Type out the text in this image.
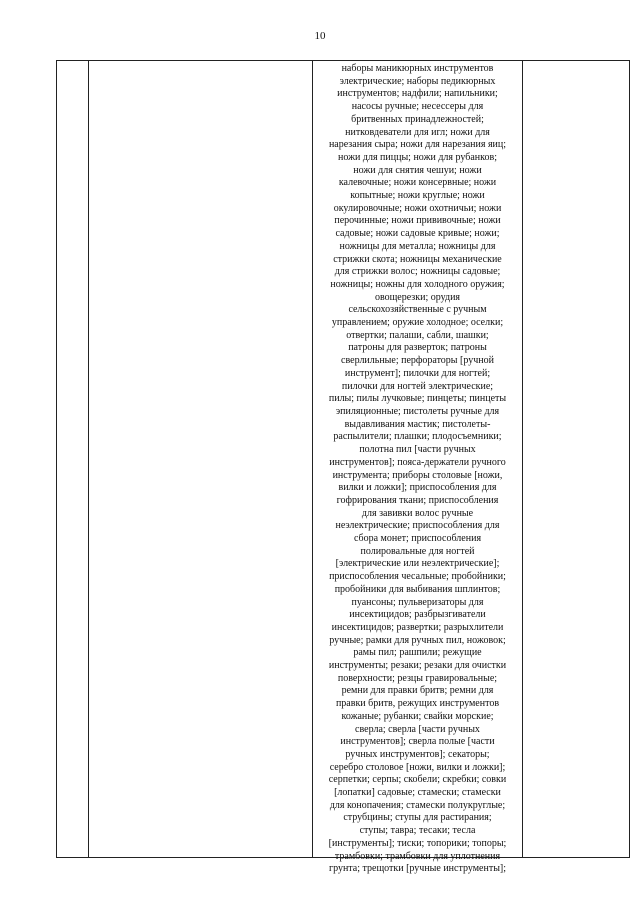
10
наборы маникюрных инструментов
электрические; наборы педикюрных
инструментов; надфили; напильники;
насосы ручные; несессеры для
бритвенных принадлежностей;
нитковдеватели для игл; ножи для
нарезания сыра; ножи для нарезания яиц;
ножи для пиццы; ножи для рубанков;
ножи для снятия чешуи; ножи
калевочные; ножи консервные; ножи
копытные; ножи круглые; ножи
окулировочные; ножи охотничьи; ножи
перочинные; ножи прививочные; ножи
садовые; ножи садовые кривые; ножи;
ножницы для металла; ножницы для
стрижки скота; ножницы механические
для стрижки волос; ножницы садовые;
ножницы; ножны для холодного оружия;
овощерезки; орудия
сельскохозяйственные с ручным
управлением; оружие холодное; оселки;
отвертки; палаши, сабли, шашки;
патроны для разверток; патроны
сверлильные; перфораторы [ручной
инструмент]; пилочки для ногтей;
пилочки для ногтей электрические;
пилы; пилы лучковые; пинцеты; пинцеты
эпиляционные; пистолеты ручные для
выдавливания мастик; пистолеты-
распылители; плашки; плодосъемники;
полотна пил [части ручных
инструментов]; пояса-держатели ручного
инструмента; приборы столовые [ножи,
вилки и ложки]; приспособления для
гофрирования ткани; приспособления
для завивки волос ручные
неэлектрические; приспособления для
сбора монет; приспособления
полировальные для ногтей
[электрические или неэлектрические];
приспособления чесальные; пробойники;
пробойники для выбивания шплинтов;
пуансоны; пульверизаторы для
инсектицидов; разбрызгиватели
инсектицидов; развертки; разрыхлители
ручные; рамки для ручных пил, ножовок;
рамы пил; рашпили; режущие
инструменты; резаки; резаки для очистки
поверхности; резцы гравировальные;
ремни для правки бритв; ремни для
правки бритв, режущих инструментов
кожаные; рубанки; свайки морские;
сверла; сверла [части ручных
инструментов]; сверла полые [части
ручных инструментов]; секаторы;
серебро столовое [ножи, вилки и ложки];
серпетки; серпы; скобели; скребки; совки
[лопатки] садовые; стамески; стамески
для конопачения; стамески полукруглые;
струбцины; ступы для растирания;
ступы; тавра; тесаки; тесла
[инструменты]; тиски; топорики; топоры;
трамбовки; трамбовки для уплотнения
грунта; трещотки [ручные инструменты];
